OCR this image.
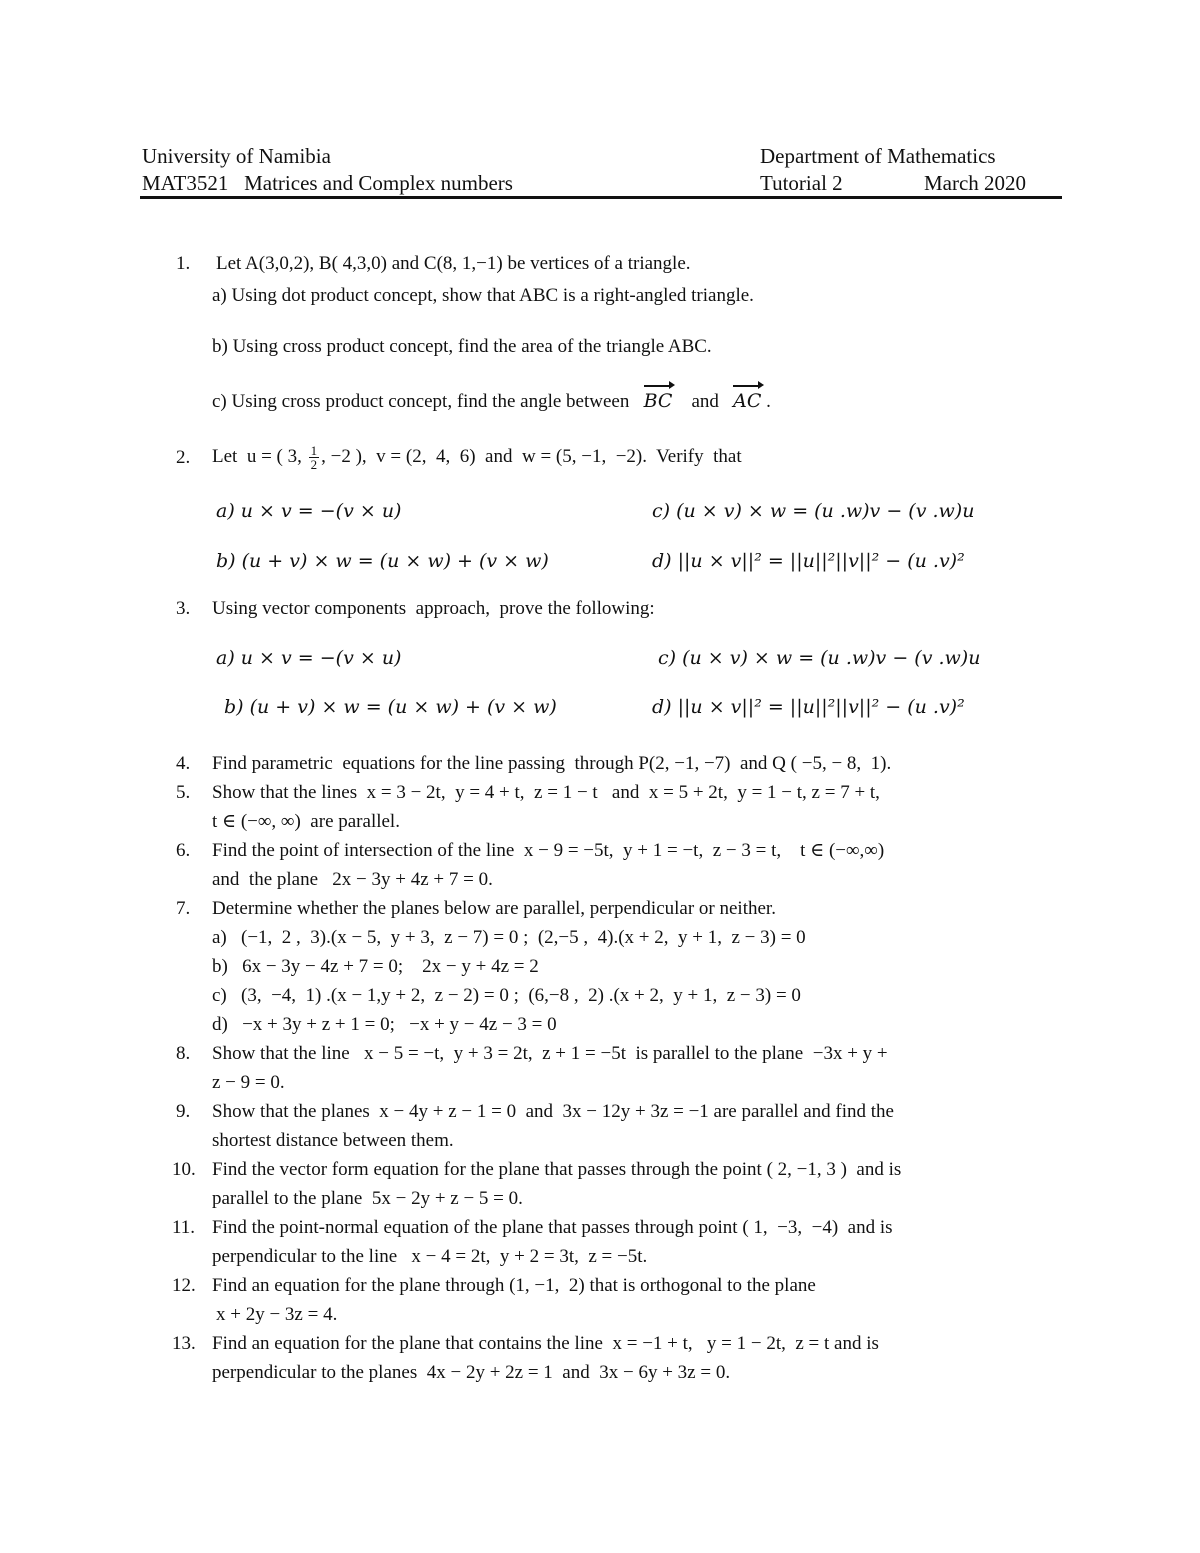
University of Namibia	Department of Mathematics
MAT3521   Matrices and Complex numbers	Tutorial 2	March 2020
1. Let A(3,0,2), B( 4,3,0) and C(8, 1,−1) be vertices of a triangle.
a) Using dot product concept, show that ABC is a right-angled triangle.
b) Using cross product concept, find the area of the triangle ABC.
c) Using cross product concept, find the angle between BC and AC .
2. Let  u = ( 3, $\frac{1}{2}$ , −2 ),  v = (2,  4,  6)  and  w = (5, −1,  −2).  Verify  that
a) u × v = −(v × u)	c) (u × v) × w = (u .w)v − (v .w)u
b) (u + v) × w = (u × w) + (v × w)	d) ||u × v||² = ||u||²||v||² − (u .v)²
3. Using vector components  approach,  prove the following:
a) u × v = −(v × u)	c) (u × v) × w = (u .w)v − (v .w)u
b) (u + v) × w = (u × w) + (v × w)	d) ||u × v||² = ||u||²||v||² − (u .v)²
4. Find parametric  equations for the line passing  through P(2, −1, −7)  and Q ( −5, − 8,  1).
5. Show that the lines  x = 3 − 2t,  y = 4 + t,  z = 1 − t   and  x = 5 + 2t,  y = 1 − t, z = 7 + t,
t ∈ (−∞, ∞)  are parallel.
6. Find the point of intersection of the line  x − 9 = −5t,  y + 1 = −t,  z − 3 = t,    t ∈ (−∞,∞)
and  the plane   2x − 3y + 4z + 7 = 0.
7. Determine whether the planes below are parallel, perpendicular or neither.
a)   (−1,  2 ,  3).(x − 5,  y + 3,  z − 7) = 0 ;  (2,−5 ,  4).(x + 2,  y + 1,  z − 3) = 0
b)   6x − 3y − 4z + 7 = 0;    2x − y + 4z = 2
c)   (3,  −4,  1) .(x − 1,y + 2,  z − 2) = 0 ;  (6,−8 ,  2) .(x + 2,  y + 1,  z − 3) = 0
d)   −x + 3y + z + 1 = 0;   −x + y − 4z − 3 = 0
8. Show that the line   x − 5 = −t,  y + 3 = 2t,  z + 1 = −5t  is parallel to the plane  −3x + y +
z − 9 = 0.
9. Show that the planes  x − 4y + z − 1 = 0  and  3x − 12y + 3z = −1 are parallel and find the
shortest distance between them.
10. Find the vector form equation for the plane that passes through the point ( 2, −1, 3 )  and is
parallel to the plane  5x − 2y + z − 5 = 0.
11. Find the point-normal equation of the plane that passes through point ( 1,  −3,  −4)  and is
perpendicular to the line   x − 4 = 2t,  y + 2 = 3t,  z = −5t.
12. Find an equation for the plane through (1, −1,  2) that is orthogonal to the plane
x + 2y − 3z = 4.
13. Find an equation for the plane that contains the line  x = −1 + t,   y = 1 − 2t,  z = t and is
perpendicular to the planes  4x − 2y + 2z = 1  and  3x − 6y + 3z = 0.
